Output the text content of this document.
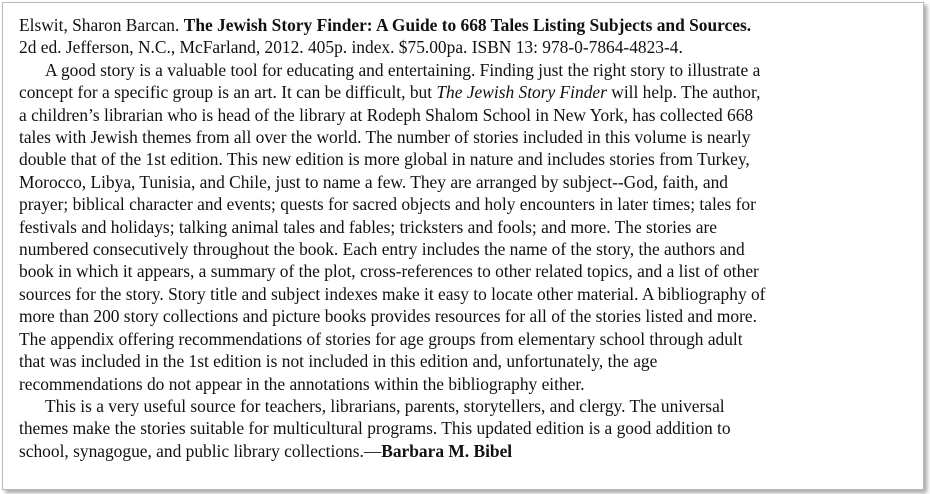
Elswit, Sharon Barcan. The Jewish Story Finder: A Guide to 668 Tales Listing Subjects and Sources.
2d ed. Jefferson, N.C., McFarland, 2012. 405p. index. $75.00pa. ISBN 13: 978-0-7864-4823-4.
A good story is a valuable tool for educating and entertaining. Finding just the right story to illustrate a
concept for a specific group is an art. It can be difficult, but The Jewish Story Finder will help. The author,
a children’s librarian who is head of the library at Rodeph Shalom School in New York, has collected 668
tales with Jewish themes from all over the world. The number of stories included in this volume is nearly
double that of the 1st edition. This new edition is more global in nature and includes stories from Turkey,
Morocco, Libya, Tunisia, and Chile, just to name a few. They are arranged by subject--God, faith, and
prayer; biblical character and events; quests for sacred objects and holy encounters in later times; tales for
festivals and holidays; talking animal tales and fables; tricksters and fools; and more. The stories are
numbered consecutively throughout the book. Each entry includes the name of the story, the authors and
book in which it appears, a summary of the plot, cross-references to other related topics, and a list of other
sources for the story. Story title and subject indexes make it easy to locate other material. A bibliography of
more than 200 story collections and picture books provides resources for all of the stories listed and more.
The appendix offering recommendations of stories for age groups from elementary school through adult
that was included in the 1st edition is not included in this edition and, unfortunately, the age
recommendations do not appear in the annotations within the bibliography either.
This is a very useful source for teachers, librarians, parents, storytellers, and clergy. The universal
themes make the stories suitable for multicultural programs. This updated edition is a good addition to
school, synagogue, and public library collections.—Barbara M. Bibel
